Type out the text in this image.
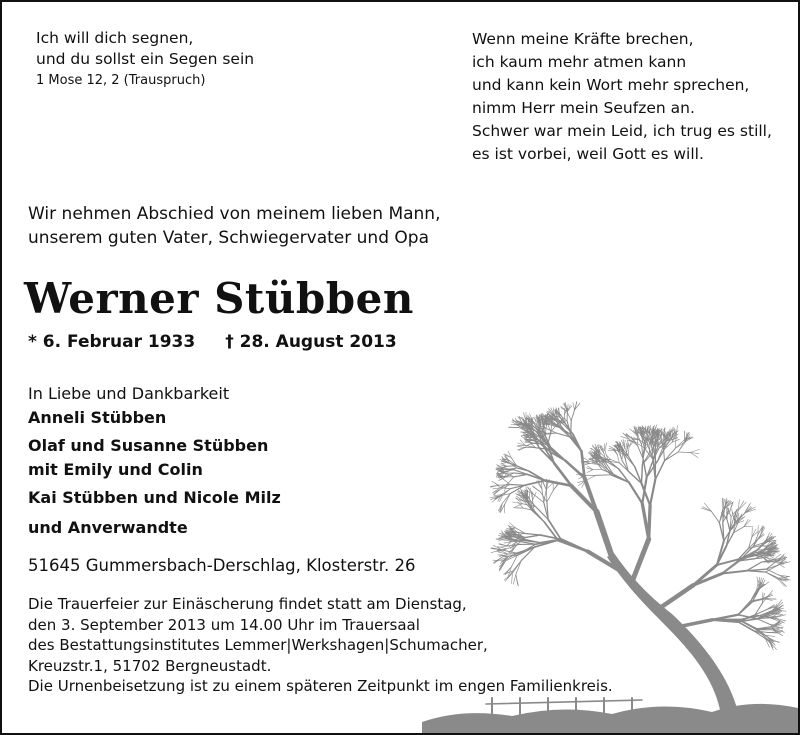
Ich will dich segnen,
und du sollst ein Segen sein
1 Mose 12, 2 (Trauspruch)
Wenn meine Kräfte brechen,
ich kaum mehr atmen kann
und kann kein Wort mehr sprechen,
nimm Herr mein Seufzen an.
Schwer war mein Leid, ich trug es still,
es ist vorbei, weil Gott es will.
Wir nehmen Abschied von meinem lieben Mann,
unserem guten Vater, Schwiegervater und Opa
Werner Stübben
* 6. Februar 1933 † 28. August 2013
In Liebe und Dankbarkeit
Anneli Stübben
Olaf und Susanne Stübben
mit Emily und Colin
Kai Stübben und Nicole Milz
und Anverwandte
51645 Gummersbach-Derschlag, Klosterstr. 26
Die Trauerfeier zur Einäscherung findet statt am Dienstag,
den 3. September 2013 um 14.00 Uhr im Trauersaal
des Bestattungsinstitutes Lemmer|Werkshagen|Schumacher,
Kreuzstr.1, 51702 Bergneustadt.
Die Urnenbeisetzung ist zu einem späteren Zeitpunkt im engen Familienkreis.
